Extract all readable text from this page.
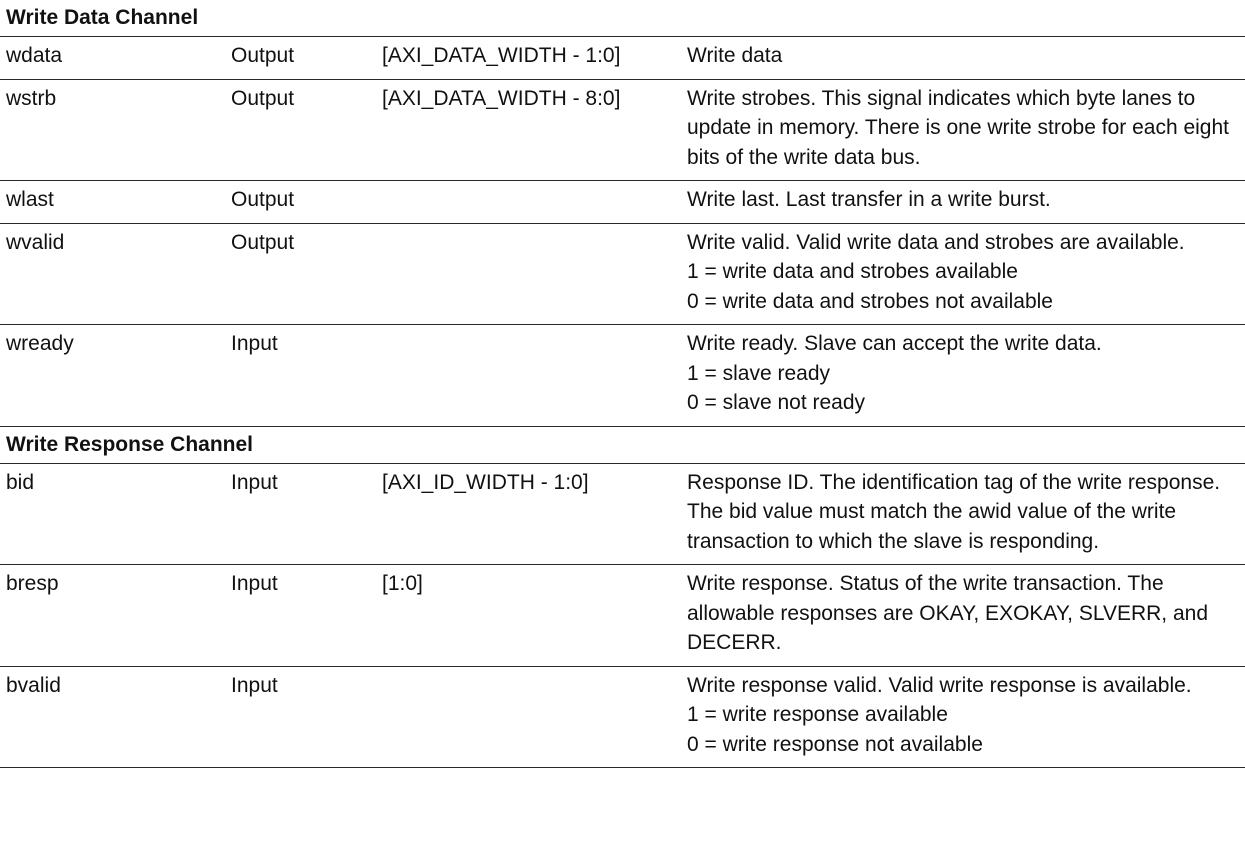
Write Data Channel			
wdata	Output	[AXI_DATA_WIDTH - 1:0]	Write data

wstrb	Output	[AXI_DATA_WIDTH - 8:0]	Write strobes. This signal indicates which byte lanes to update in memory. There is one write strobe for each eight bits of the write data bus.

wlast	Output		Write last. Last transfer in a write burst.

wvalid	Output		Write valid. Valid write data and strobes are available.
1 = write data and strobes available
0 = write data and strobes not available

wready	Input		Write ready. Slave can accept the write data.
1 = slave ready
0 = slave not ready

Write Response Channel			
bid	Input	[AXI_ID_WIDTH - 1:0]	Response ID. The identification tag of the write response. The bid value must match the awid value of the write transaction to which the slave is responding.

bresp	Input	[1:0]	Write response. Status of the write transaction. The allowable responses are OKAY, EXOKAY, SLVERR, and DECERR.

bvalid	Input		Write response valid. Valid write response is available.
1 = write response available
0 = write response not available
